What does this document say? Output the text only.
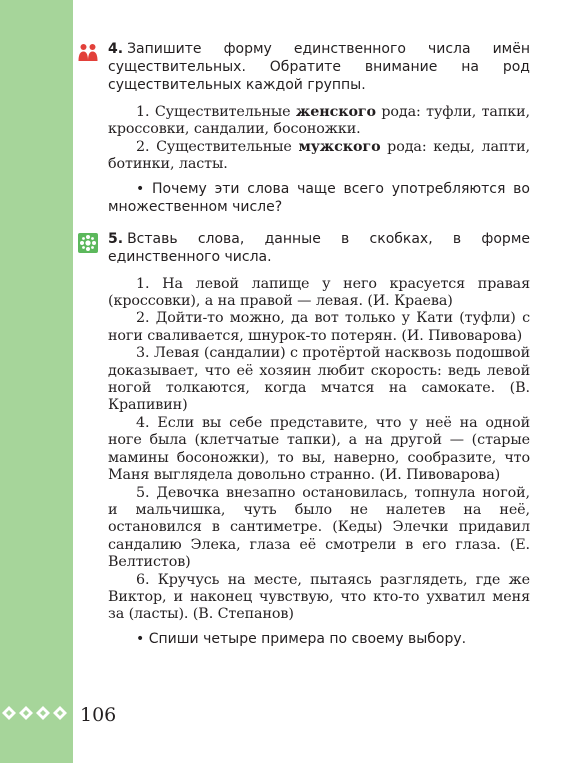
4. Запишите форму единственного числа имён существительных. Обратите внимание на род существительных каждой группы.

1. Существительные женского рода: туфли, тапки, кроссовки, сандалии, босоножки.

2. Существительные мужского рода: кеды, лапти, ботинки, ласты.

• Почему эти слова чаще всего употребляются во множественном числе?

5. Вставь слова, данные в скобках, в форме единственного числа.

1. На левой лапище у него красуется правая (кроссовки), а на правой — левая. (И. Краева)

2. Дойти-то можно, да вот только у Кати (туфли) с ноги сваливается, шнурок-то потерян. (И. Пивоварова)

3. Левая (сандалии) с протёртой насквозь подошвой доказывает, что её хозяин любит скорость: ведь левой ногой толкаются, когда мчатся на самокате. (В. Крапивин)

4. Если вы себе представите, что у неё на одной ноге была (клетчатые тапки), а на другой — (старые мамины босоножки), то вы, наверно, сообразите, что Маня выглядела довольно странно. (И. Пивоварова)

5. Девочка внезапно остановилась, топнула ногой, и мальчишка, чуть было не налетев на неё, остановился в сантиметре. (Кеды) Элечки придавил сандалию Элека, глаза её смотрели в его глаза. (Е. Велтистов)

6. Кручусь на месте, пытаясь разглядеть, где же Виктор, и наконец чувствую, что кто-то ухватил меня за (ласты). (В. Степанов)

• Спиши четыре примера по своему выбору.

106
